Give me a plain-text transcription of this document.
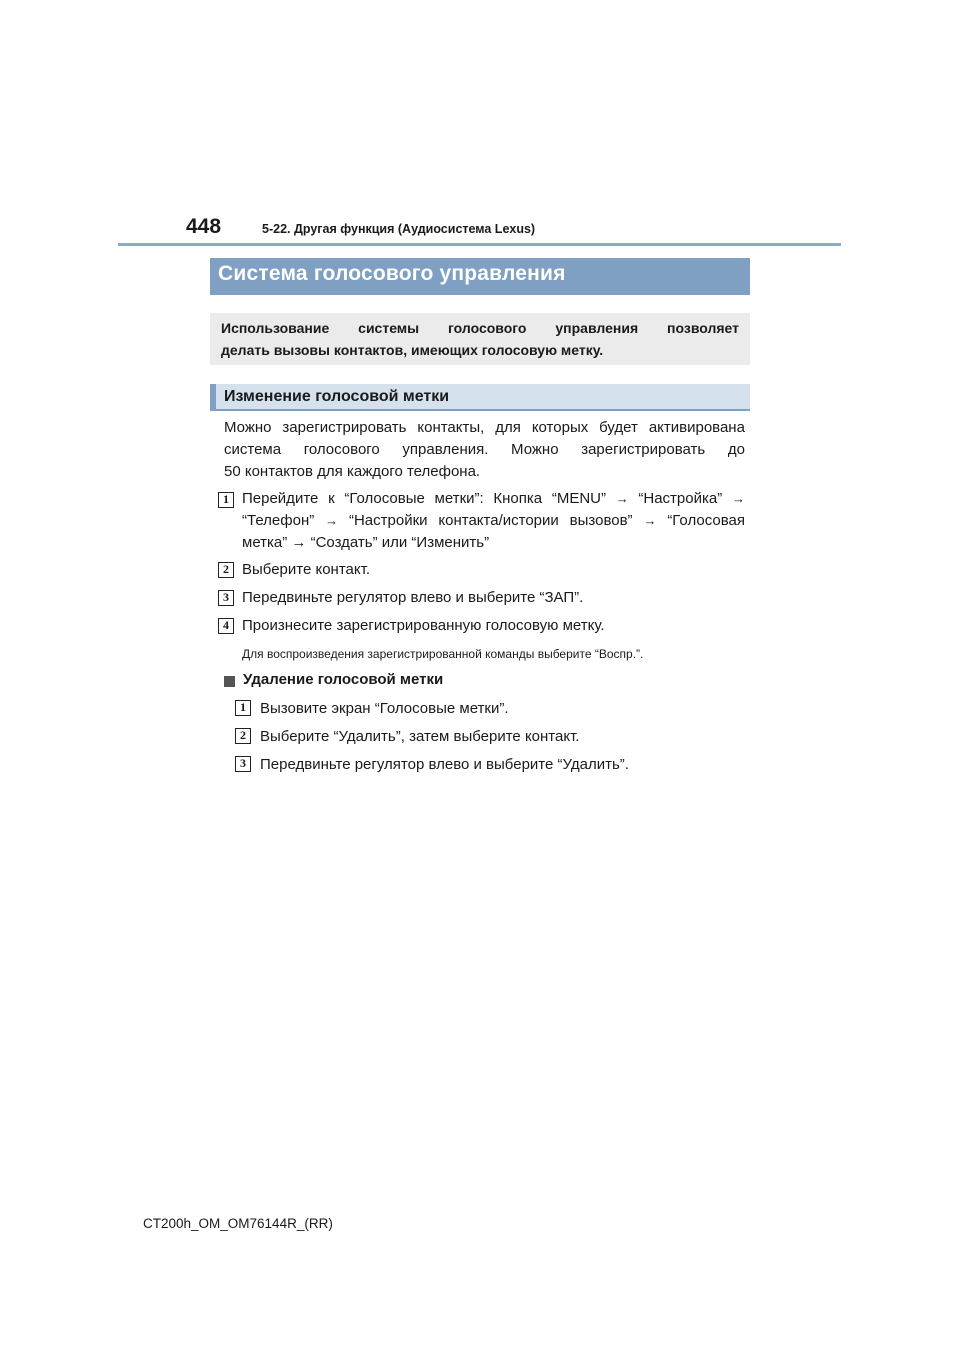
448	5-22. Другая функция (Аудиосистема Lexus)
Система голосового управления
Использование системы голосового управления позволяет
делать вызовы контактов, имеющих голосовую метку.
Изменение голосовой метки
Можно зарегистрировать контакты, для которых будет активирована
система голосового управления. Можно зарегистрировать до
50 контактов для каждого телефона.
1 Перейдите к “Голосовые метки”: Кнопка “MENU” → “Настройка” →
“Телефон” → “Настройки контакта/истории вызовов” → “Голосовая
метка” → “Создать” или “Изменить”
2 Выберите контакт.
3 Передвиньте регулятор влево и выберите “ЗАП”.
4 Произнесите зарегистрированную голосовую метку.
Для воспроизведения зарегистрированной команды выберите “Воспр.”.
Удаление голосовой метки
1 Вызовите экран “Голосовые метки”.
2 Выберите “Удалить”, затем выберите контакт.
3 Передвиньте регулятор влево и выберите “Удалить”.
CT200h_OM_OM76144R_(RR)
